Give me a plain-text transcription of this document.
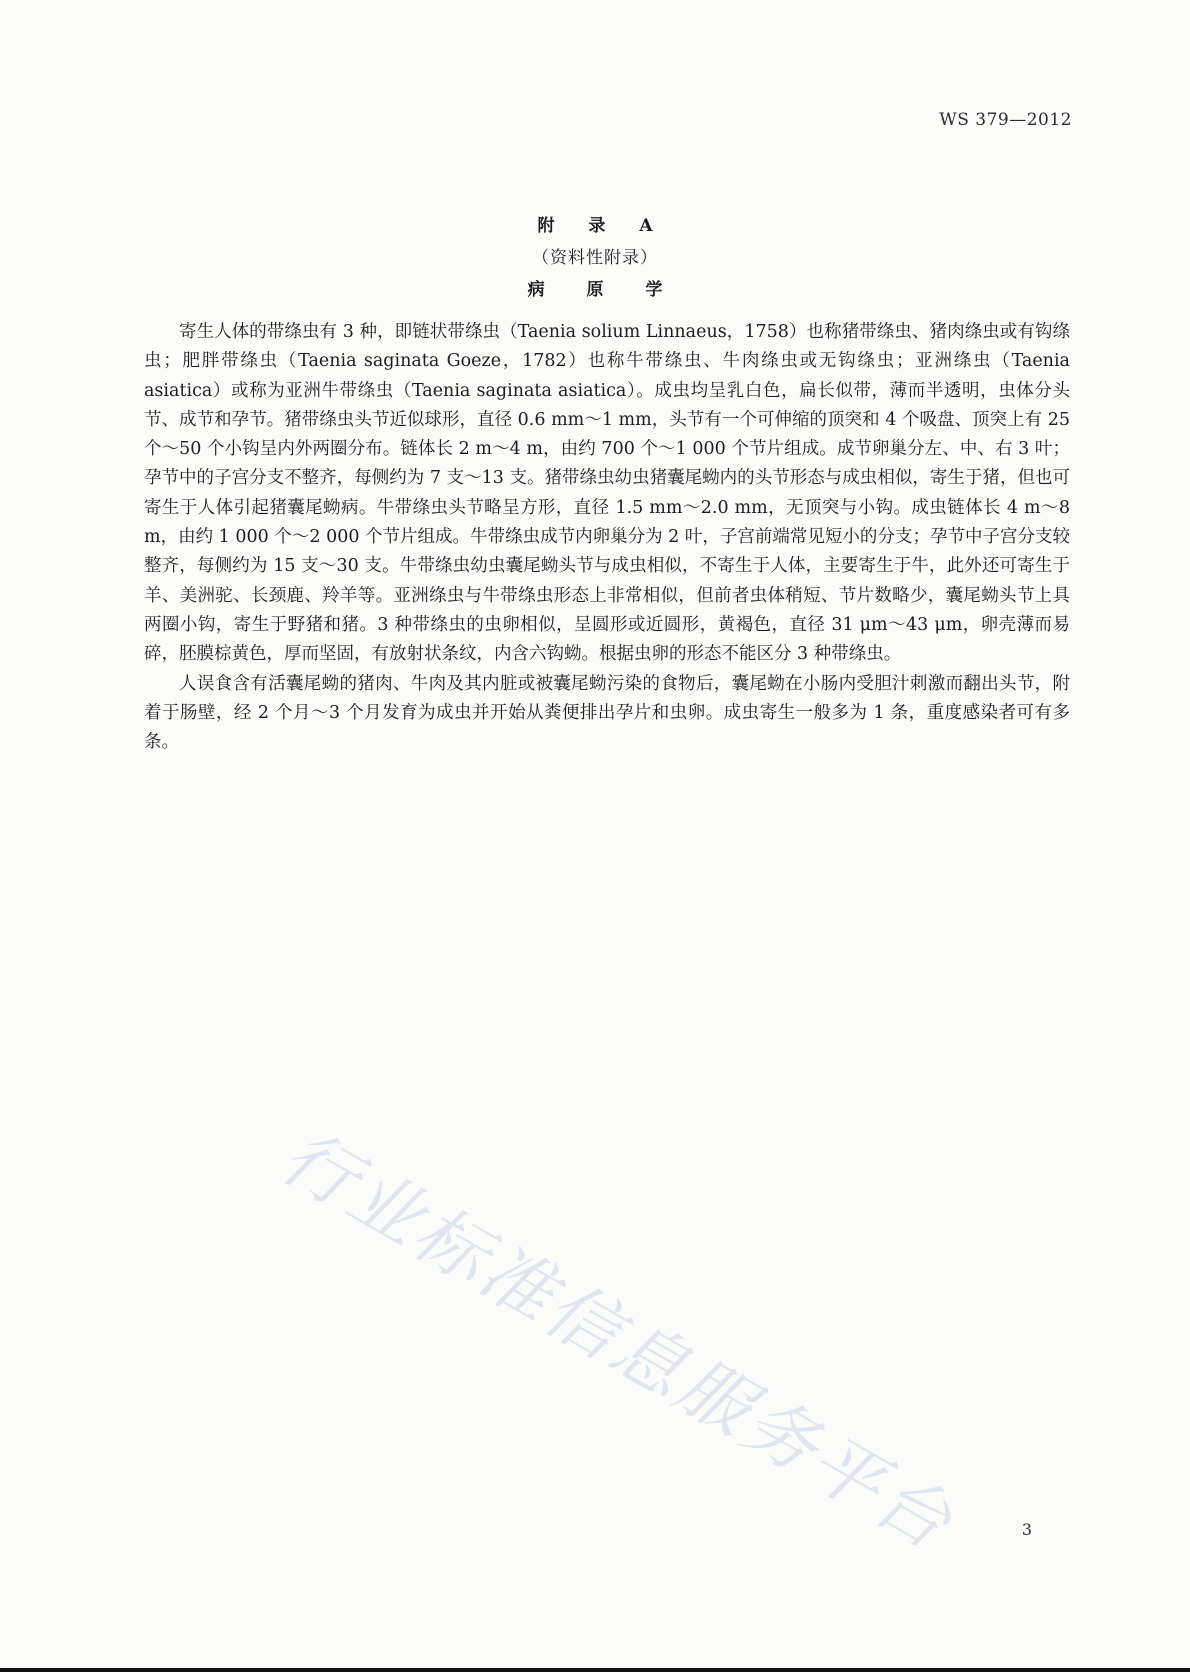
WS 379—2012
附 录 A
（资料性附录）
病 原 学

寄生人体的带绦虫有 3 种，即链状带绦虫（Taenia solium Linnaeus，1758）也称猪带绦虫、猪肉绦虫或有钩绦虫；肥胖带绦虫（Taenia saginata Goeze，1782）也称牛带绦虫、牛肉绦虫或无钩绦虫；亚洲绦虫（Taenia asiatica）或称为亚洲牛带绦虫（Taenia saginata asiatica）。成虫均呈乳白色，扁长似带，薄而半透明，虫体分头节、成节和孕节。猪带绦虫头节近似球形，直径 0.6 mm～1 mm，头节有一个可伸缩的顶突和 4 个吸盘、顶突上有 25 个～50 个小钩呈内外两圈分布。链体长 2 m～4 m，由约 700 个～1 000 个节片组成。成节卵巢分左、中、右 3 叶；孕节中的子宫分支不整齐，每侧约为 7 支～13 支。猪带绦虫幼虫猪囊尾蚴内的头节形态与成虫相似，寄生于猪，但也可寄生于人体引起猪囊尾蚴病。牛带绦虫头节略呈方形，直径 1.5 mm～2.0 mm，无顶突与小钩。成虫链体长 4 m～8 m，由约 1 000 个～2 000 个节片组成。牛带绦虫成节内卵巢分为 2 叶，子宫前端常见短小的分支；孕节中子宫分支较整齐，每侧约为 15 支～30 支。牛带绦虫幼虫囊尾蚴头节与成虫相似，不寄生于人体，主要寄生于牛，此外还可寄生于羊、美洲驼、长颈鹿、羚羊等。亚洲绦虫与牛带绦虫形态上非常相似，但前者虫体稍短、节片数略少，囊尾蚴头节上具两圈小钩，寄生于野猪和猪。3 种带绦虫的虫卵相似，呈圆形或近圆形，黄褐色，直径 31 μm～43 μm，卵壳薄而易碎，胚膜棕黄色，厚而坚固，有放射状条纹，内含六钩蚴。根据虫卵的形态不能区分 3 种带绦虫。

人误食含有活囊尾蚴的猪肉、牛肉及其内脏或被囊尾蚴污染的食物后，囊尾蚴在小肠内受胆汁刺激而翻出头节，附着于肠壁，经 2 个月～3 个月发育为成虫并开始从粪便排出孕片和虫卵。成虫寄生一般多为 1 条，重度感染者可有多条。

行业标准信息服务平台	3
